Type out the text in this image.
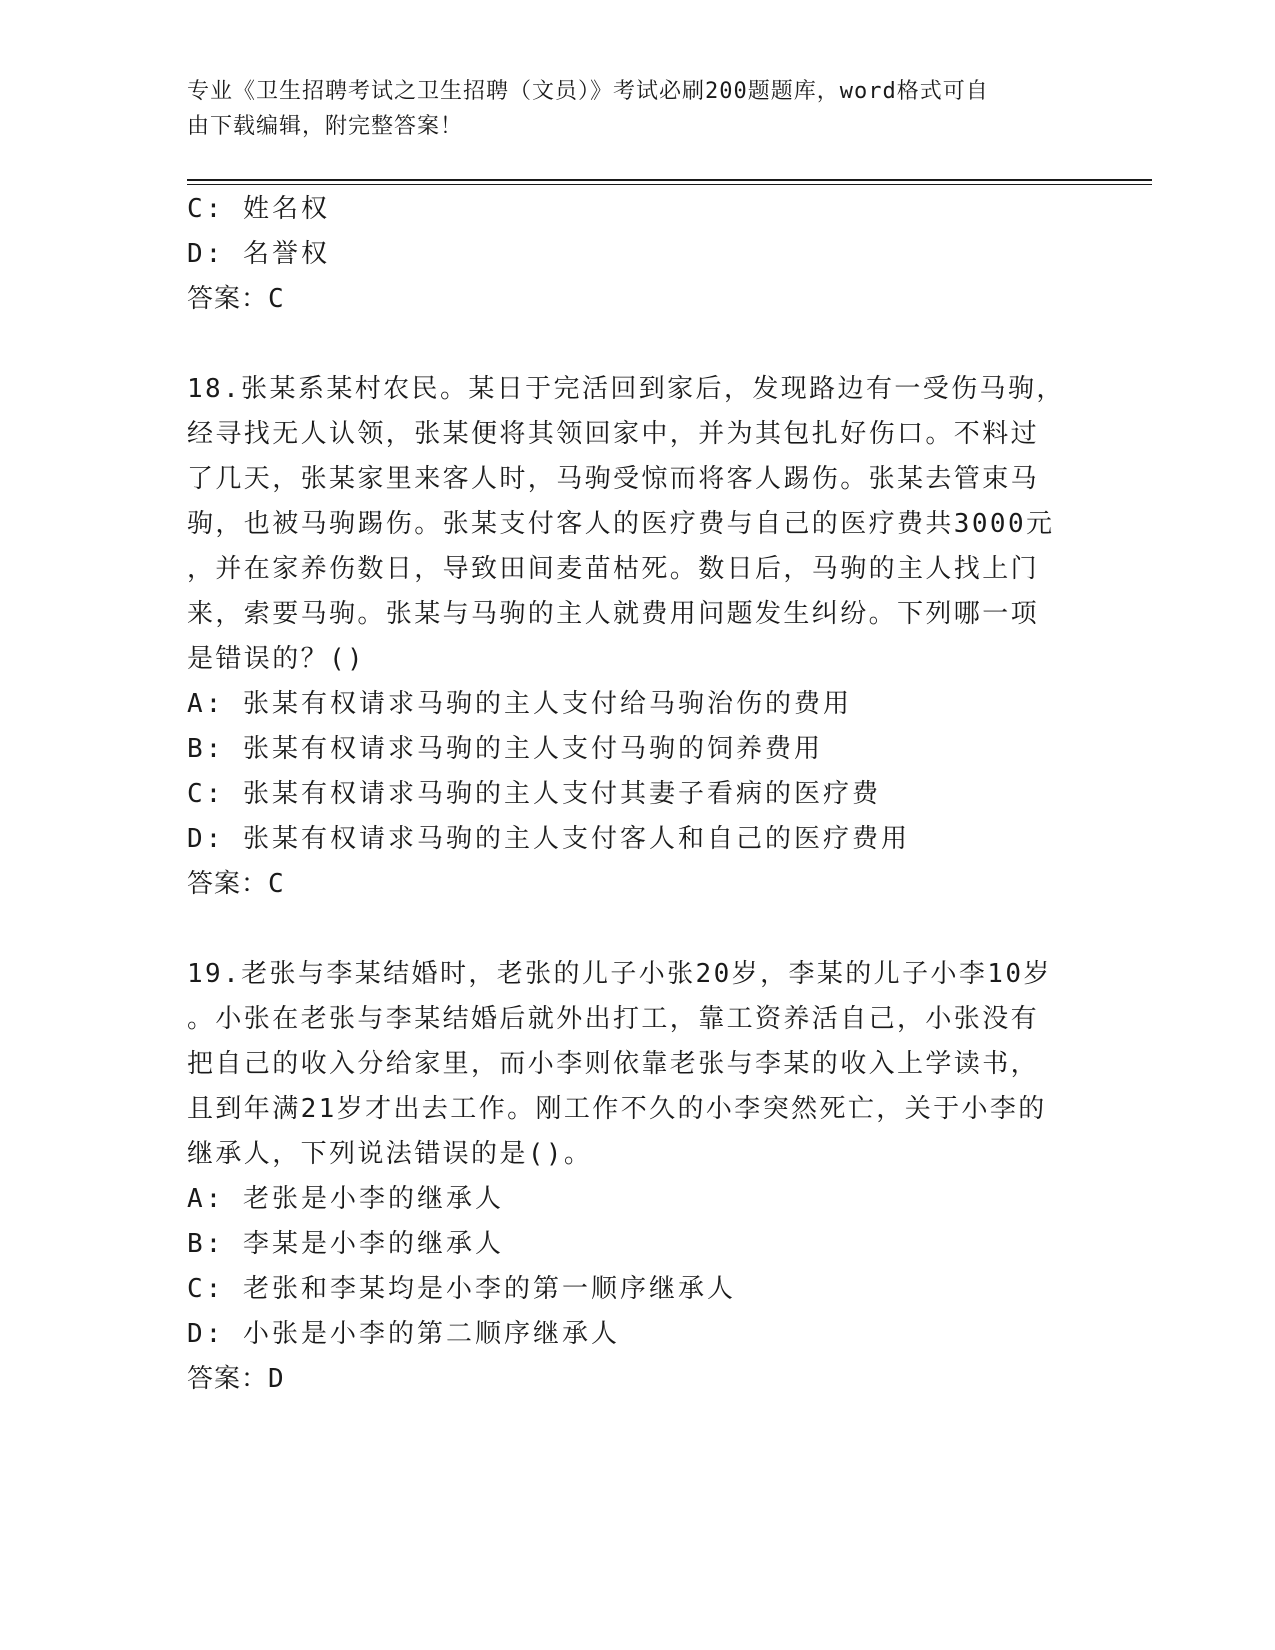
专业《卫生招聘考试之卫生招聘（文员）》考试必刷200题题库，word格式可自
由下载编辑，附完整答案！
C: 姓名权
D: 名誉权
答案：C
18.张某系某村农民。某日于完活回到家后，发现路边有一受伤马驹，
经寻找无人认领，张某便将其领回家中，并为其包扎好伤口。不料过
了几天，张某家里来客人时，马驹受惊而将客人踢伤。张某去管束马
驹，也被马驹踢伤。张某支付客人的医疗费与自己的医疗费共3000元
，并在家养伤数日，导致田间麦苗枯死。数日后，马驹的主人找上门
来，索要马驹。张某与马驹的主人就费用问题发生纠纷。下列哪一项
是错误的？()
A: 张某有权请求马驹的主人支付给马驹治伤的费用
B: 张某有权请求马驹的主人支付马驹的饲养费用
C: 张某有权请求马驹的主人支付其妻子看病的医疗费
D: 张某有权请求马驹的主人支付客人和自己的医疗费用
答案：C
19.老张与李某结婚时，老张的儿子小张20岁，李某的儿子小李10岁
。小张在老张与李某结婚后就外出打工，靠工资养活自己，小张没有
把自己的收入分给家里，而小李则依靠老张与李某的收入上学读书，
且到年满21岁才出去工作。刚工作不久的小李突然死亡，关于小李的
继承人，下列说法错误的是()。
A: 老张是小李的继承人
B: 李某是小李的继承人
C: 老张和李某均是小李的第一顺序继承人
D: 小张是小李的第二顺序继承人
答案：D
